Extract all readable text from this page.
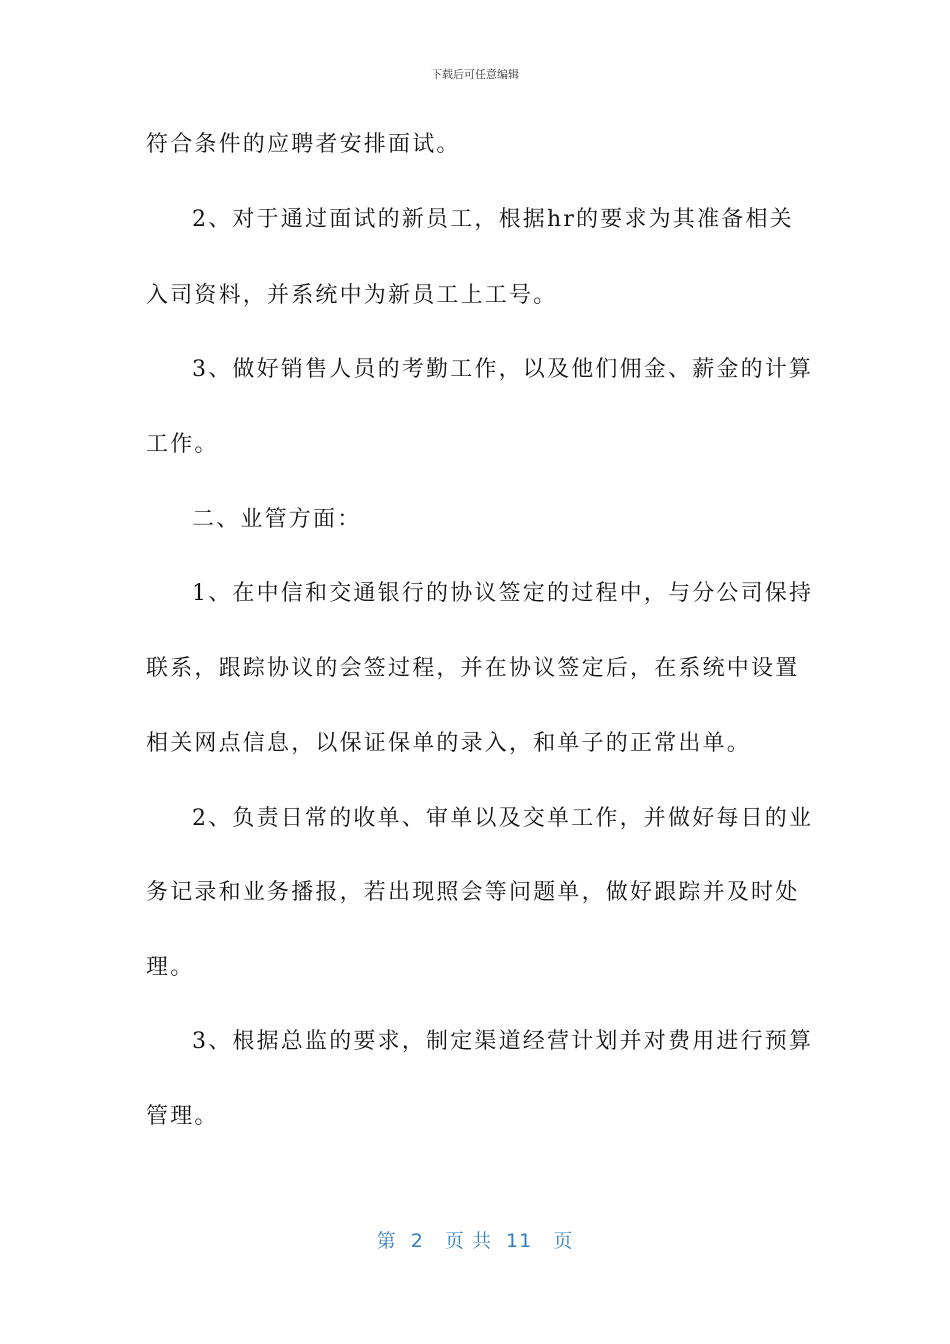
下载后可任意编辑
符合条件的应聘者安排面试。
2、对于通过面试的新员工，根据hr的要求为其准备相关
入司资料，并系统中为新员工上工号。
3、做好销售人员的考勤工作，以及他们佣金、薪金的计算
工作。
二、业管方面：
1、在中信和交通银行的协议签定的过程中，与分公司保持
联系，跟踪协议的会签过程，并在协议签定后，在系统中设置
相关网点信息，以保证保单的录入，和单子的正常出单。
2、负责日常的收单、审单以及交单工作，并做好每日的业
务记录和业务播报，若出现照会等问题单，做好跟踪并及时处
理。
3、根据总监的要求，制定渠道经营计划并对费用进行预算
管理。
第  2   页 共  11   页
